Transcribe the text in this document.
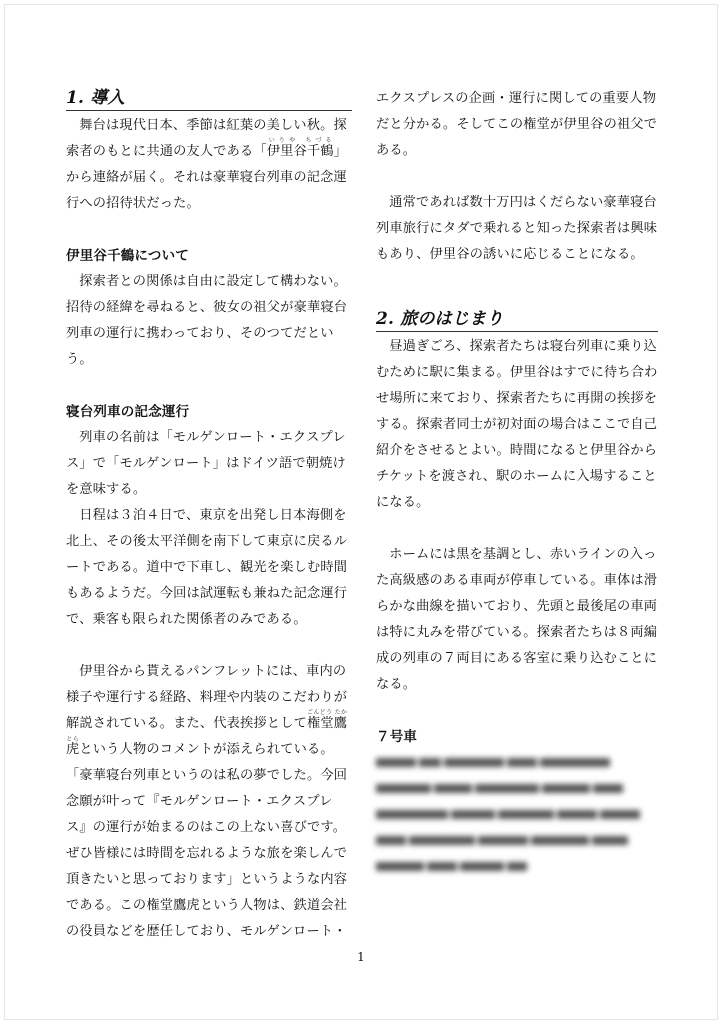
1. 導入

舞台は現代日本、季節は紅葉の美しい秋。探索者のもとに共通の友人である「伊里谷千鶴いりや ちづる」から連絡が届く。それは豪華寝台列車の記念運行への招待状だった。

伊里谷千鶴について

探索者との関係は自由に設定して構わない。招待の経緯を尋ねると、彼女の祖父が豪華寝台列車の運行に携わっており、そのつてだという。

寝台列車の記念運行

列車の名前は「モルゲンロート・エクスプレス」で「モルゲンロート」はドイツ語で朝焼けを意味する。

日程は３泊４日で、東京を出発し日本海側を北上、その後太平洋側を南下して東京に戻るルートである。道中で下車し、観光を楽しむ時間もあるようだ。今回は試運転も兼ねた記念運行で、乗客も限られた関係者のみである。

伊里谷から貰えるパンフレットには、車内の様子や運行する経路、料理や内装のこだわりが解説されている。また、代表挨拶として権堂鷹虎ごんどう たかとらという人物のコメントが添えられている。「豪華寝台列車というのは私の夢でした。今回念願が叶って『モルゲンロート・エクスプレス』の運行が始まるのはこの上ない喜びです。ぜひ皆様には時間を忘れるような旅を楽しんで頂きたいと思っております」というような内容である。この権堂鷹虎という人物は、鉄道会社の役員などを歴任しており、モルゲンロート・

エクスプレスの企画・運行に関しての重要人物だと分かる。そしてこの権堂が伊里谷の祖父である。

通常であれば数十万円はくだらない豪華寝台列車旅行にタダで乗れると知った探索者は興味もあり、伊里谷の誘いに応じることになる。

2. 旅のはじまり

昼過ぎごろ、探索者たちは寝台列車に乗り込むために駅に集まる。伊里谷はすでに待ち合わせ場所に来ており、探索者たちに再開の挨拶をする。探索者同士が初対面の場合はここで自己紹介をさせるとよい。時間になると伊里谷からチケットを渡され、駅のホームに入場することになる。

ホームには黒を基調とし、赤いラインの入った高級感のある車両が停車している。車体は滑らかな曲線を描いており、先頭と最後尾の車両は特に丸みを帯びている。探索者たちは８両編成の列車の７両目にある客室に乗り込むことになる。

７号車
1
